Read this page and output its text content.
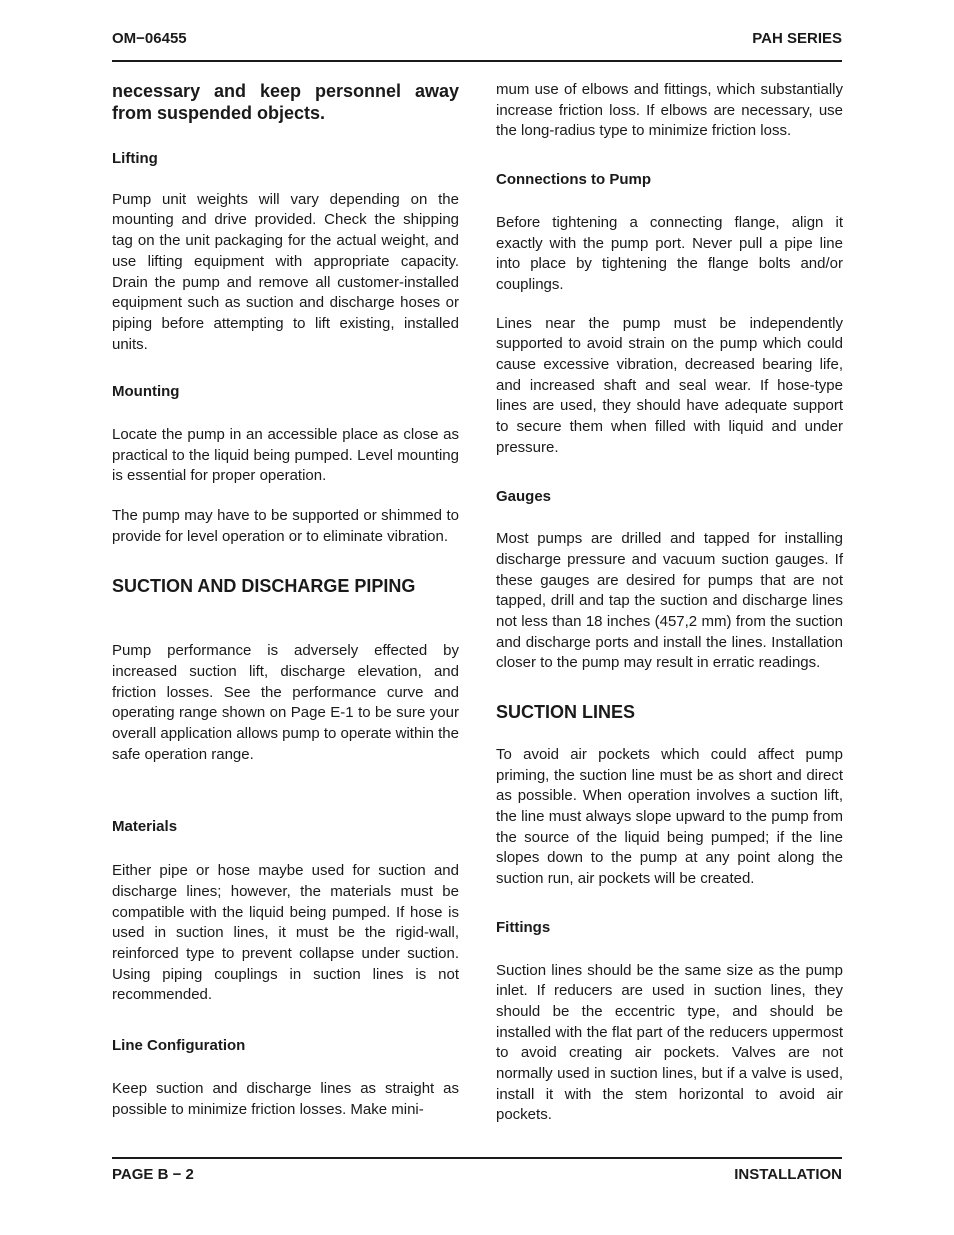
OM−06455	PAH SERIES

necessary and keep personnel away from suspended objects.

Lifting

Pump unit weights will vary depending on the mounting and drive provided. Check the shipping tag on the unit packaging for the actual weight, and use lifting equipment with appropriate capacity. Drain the pump and remove all customer-installed equipment such as suction and discharge hoses or piping before attempting to lift existing, installed units.

Mounting

Locate the pump in an accessible place as close as practical to the liquid being pumped. Level mounting is essential for proper operation.

The pump may have to be supported or shimmed to provide for level operation or to eliminate vibration.

SUCTION AND DISCHARGE PIPING

Pump performance is adversely effected by increased suction lift, discharge elevation, and friction losses. See the performance curve and operating range shown on Page E-1 to be sure your overall application allows pump to operate within the safe operation range.

Materials

Either pipe or hose maybe used for suction and discharge lines; however, the materials must be compatible with the liquid being pumped. If hose is used in suction lines, it must be the rigid-wall, reinforced type to prevent collapse under suction. Using piping couplings in suction lines is not recommended.

Line Configuration

Keep suction and discharge lines as straight as possible to minimize friction losses. Make mini-

mum use of elbows and fittings, which substantially increase friction loss. If elbows are necessary, use the long-radius type to minimize friction loss.

Connections to Pump

Before tightening a connecting flange, align it exactly with the pump port. Never pull a pipe line into place by tightening the flange bolts and/or couplings.

Lines near the pump must be independently supported to avoid strain on the pump which could cause excessive vibration, decreased bearing life, and increased shaft and seal wear. If hose-type lines are used, they should have adequate support to secure them when filled with liquid and under pressure.

Gauges

Most pumps are drilled and tapped for installing discharge pressure and vacuum suction gauges. If these gauges are desired for pumps that are not tapped, drill and tap the suction and discharge lines not less than 18 inches (457,2 mm) from the suction and discharge ports and install the lines. Installation closer to the pump may result in erratic readings.

SUCTION LINES

To avoid air pockets which could affect pump priming, the suction line must be as short and direct as possible. When operation involves a suction lift, the line must always slope upward to the pump from the source of the liquid being pumped; if the line slopes down to the pump at any point along the suction run, air pockets will be created.

Fittings

Suction lines should be the same size as the pump inlet. If reducers are used in suction lines, they should be the eccentric type, and should be installed with the flat part of the reducers uppermost to avoid creating air pockets. Valves are not normally used in suction lines, but if a valve is used, install it with the stem horizontal to avoid air pockets.

PAGE B − 2	INSTALLATION
